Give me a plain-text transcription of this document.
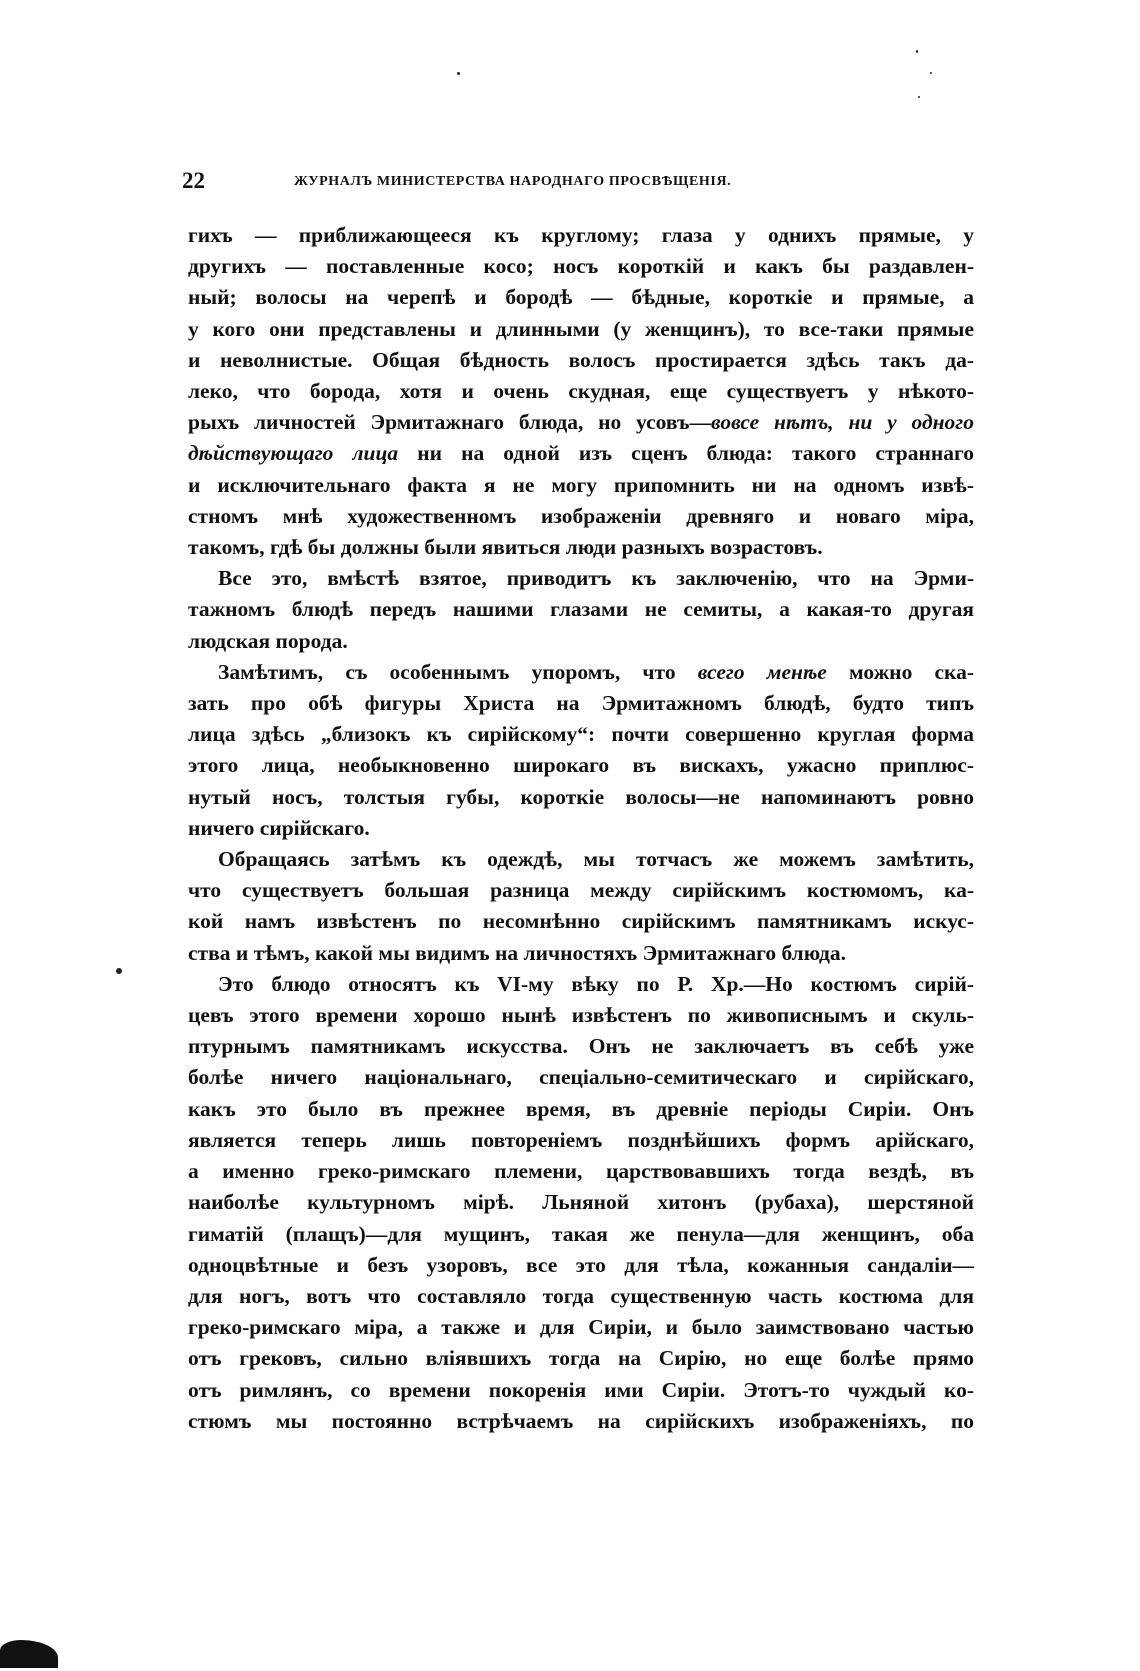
22	ЖУРНАЛЪ МИНИСТЕРСТВА НАРОДНАГО ПРОСВѢЩЕНІЯ.
гихъ — приближающееся къ круглому; глаза у однихъ прямые, у
другихъ — поставленные косо; носъ короткій и какъ бы раздавлен-
ный; волосы на черепѣ и бородѣ — бѣдные, короткіе и прямые, а
у кого они представлены и длинными (у женщинъ), то все-таки прямые
и неволнистые. Общая бѣдность волосъ простирается здѣсь такъ да-
леко, что борода, хотя и очень скудная, еще существуетъ у нѣкото-
рыхъ личностей Эрмитажнаго блюда, но усовъ—вовсе нѣтъ, ни у одного
дѣйствующаго лица ни на одной изъ сценъ блюда: такого страннаго
и исключительнаго факта я не могу припомнить ни на одномъ извѣ-
стномъ мнѣ художественномъ изображеніи древняго и новаго міра,
такомъ, гдѣ бы должны были явиться люди разныхъ возрастовъ.
Все это, вмѣстѣ взятое, приводитъ къ заключенію, что на Эрми-
тажномъ блюдѣ передъ нашими глазами не семиты, а какая-то другая
людская порода.
Замѣтимъ, съ особеннымъ упоромъ, что всего менѣе можно ска-
зать про обѣ фигуры Христа на Эрмитажномъ блюдѣ, будто типъ
лица здѣсь „близокъ къ сирійскому“: почти совершенно круглая форма
этого лица, необыкновенно широкаго въ вискахъ, ужасно приплюс-
нутый носъ, толстыя губы, короткіе волосы—не напоминаютъ ровно
ничего сирійскаго.
Обращаясь затѣмъ къ одеждѣ, мы тотчасъ же можемъ замѣтить,
что существуетъ большая разница между сирійскимъ костюмомъ, ка-
кой намъ извѣстенъ по несомнѣнно сирійскимъ памятникамъ искус-
ства и тѣмъ, какой мы видимъ на личностяхъ Эрмитажнаго блюда.
Это блюдо относятъ къ VI-му вѣку по Р. Хр.—Но костюмъ сирій-
цевъ этого времени хорошо нынѣ извѣстенъ по живописнымъ и скуль-
птурнымъ памятникамъ искусства. Онъ не заключаетъ въ себѣ уже
болѣе ничего національнаго, спеціально-семитическаго и сирійскаго,
какъ это было въ прежнее время, въ древніе періоды Сиріи. Онъ
является теперь лишь повтореніемъ позднѣйшихъ формъ арійскаго,
а именно греко-римскаго племени, царствовавшихъ тогда вездѣ, въ
наиболѣе культурномъ мірѣ. Льняной хитонъ (рубаха), шерстяной
гиматій (плащъ)—для мущинъ, такая же пенула—для женщинъ, оба
одноцвѣтные и безъ узоровъ, все это для тѣла, кожанныя сандаліи—
для ногъ, вотъ что составляло тогда существенную часть костюма для
греко-римскаго міра, а также и для Сиріи, и было заимствовано частью
отъ грековъ, сильно вліявшихъ тогда на Сирію, но еще болѣе прямо
отъ римлянъ, со времени покоренія ими Сиріи. Этотъ-то чуждый ко-
стюмъ мы постоянно встрѣчаемъ на сирійскихъ изображеніяхъ, по
